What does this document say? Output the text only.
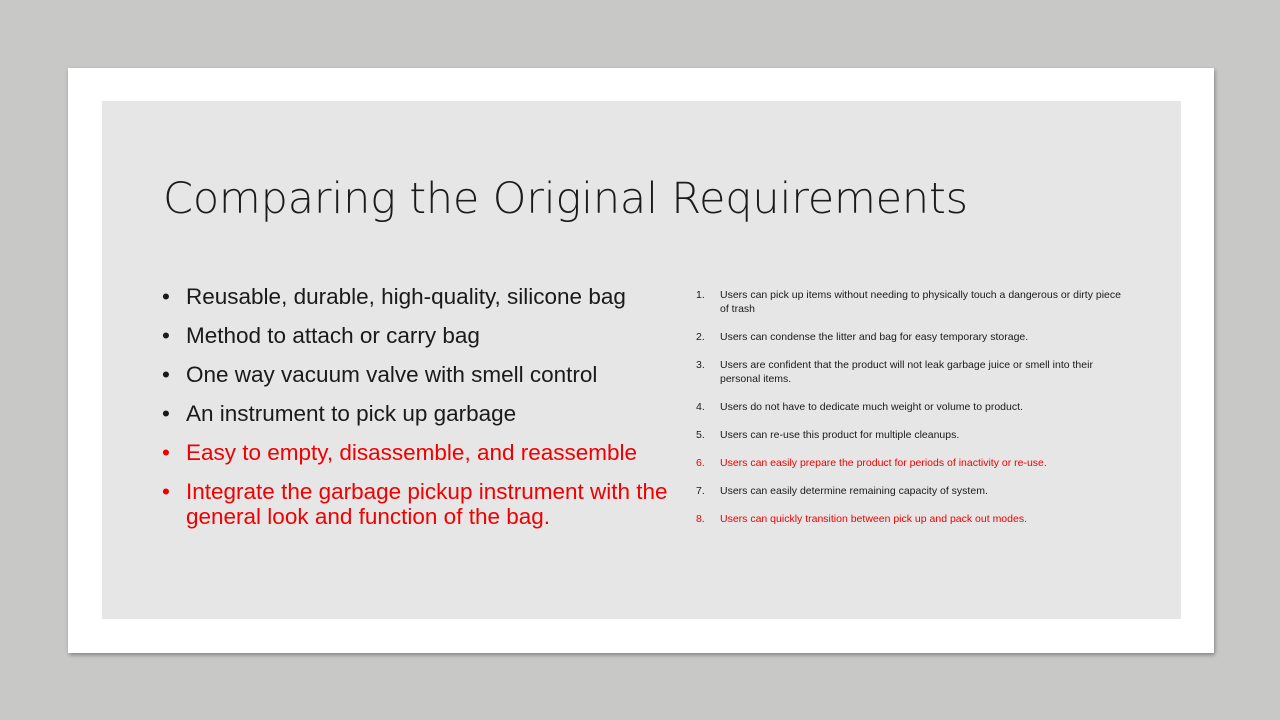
Comparing the Original Requirements
• Reusable, durable, high-quality, silicone bag
• Method to attach or carry bag
• One way vacuum valve with smell control
• An instrument to pick up garbage
• Easy to empty, disassemble, and reassemble
• Integrate the garbage pickup instrument with the general look and function of the bag.
1. Users can pick up items without needing to physically touch a dangerous or dirty piece of trash
2. Users can condense the litter and bag for easy temporary storage.
3. Users are confident that the product will not leak garbage juice or smell into their personal items.
4. Users do not have to dedicate much weight or volume to product.
5. Users can re-use this product for multiple cleanups.
6. Users can easily prepare the product for periods of inactivity or re-use.
7. Users can easily determine remaining capacity of system.
8. Users can quickly transition between pick up and pack out modes.
